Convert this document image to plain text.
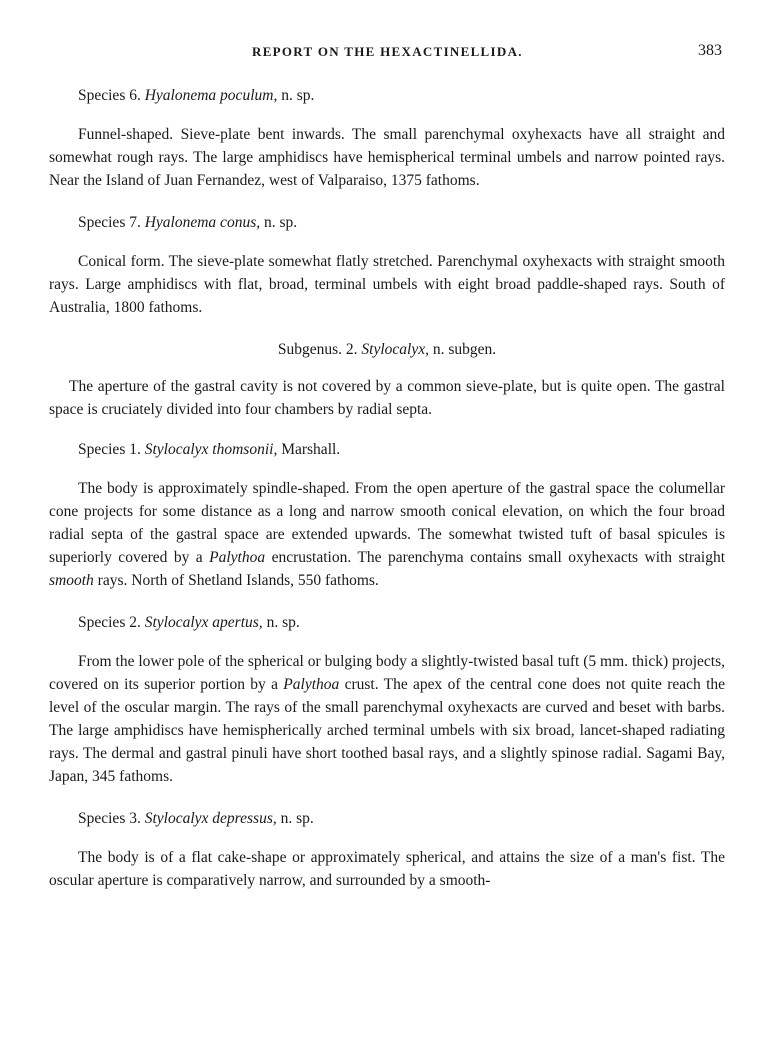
REPORT ON THE HEXACTINELLIDA.	383

Species 6. Hyalonema poculum, n. sp.

Funnel-shaped. Sieve-plate bent inwards. The small parenchymal oxyhexacts have all straight and somewhat rough rays. The large amphidiscs have hemispherical terminal umbels and narrow pointed rays. Near the Island of Juan Fernandez, west of Valparaiso, 1375 fathoms.

Species 7. Hyalonema conus, n. sp.

Conical form. The sieve-plate somewhat flatly stretched. Parenchymal oxyhexacts with straight smooth rays. Large amphidiscs with flat, broad, terminal umbels with eight broad paddle-shaped rays. South of Australia, 1800 fathoms.

Subgenus. 2. Stylocalyx, n. subgen.

The aperture of the gastral cavity is not covered by a common sieve-plate, but is quite open. The gastral space is cruciately divided into four chambers by radial septa.

Species 1. Stylocalyx thomsonii, Marshall.

The body is approximately spindle-shaped. From the open aperture of the gastral space the columellar cone projects for some distance as a long and narrow smooth conical elevation, on which the four broad radial septa of the gastral space are extended upwards. The somewhat twisted tuft of basal spicules is superiorly covered by a Palythoa encrustation. The parenchyma contains small oxyhexacts with straight smooth rays. North of Shetland Islands, 550 fathoms.

Species 2. Stylocalyx apertus, n. sp.

From the lower pole of the spherical or bulging body a slightly-twisted basal tuft (5 mm. thick) projects, covered on its superior portion by a Palythoa crust. The apex of the central cone does not quite reach the level of the oscular margin. The rays of the small parenchymal oxyhexacts are curved and beset with barbs. The large amphidiscs have hemispherically arched terminal umbels with six broad, lancet-shaped radiating rays. The dermal and gastral pinuli have short toothed basal rays, and a slightly spinose radial. Sagami Bay, Japan, 345 fathoms.

Species 3. Stylocalyx depressus, n. sp.

The body is of a flat cake-shape or approximately spherical, and attains the size of a man's fist. The oscular aperture is comparatively narrow, and surrounded by a smooth-
